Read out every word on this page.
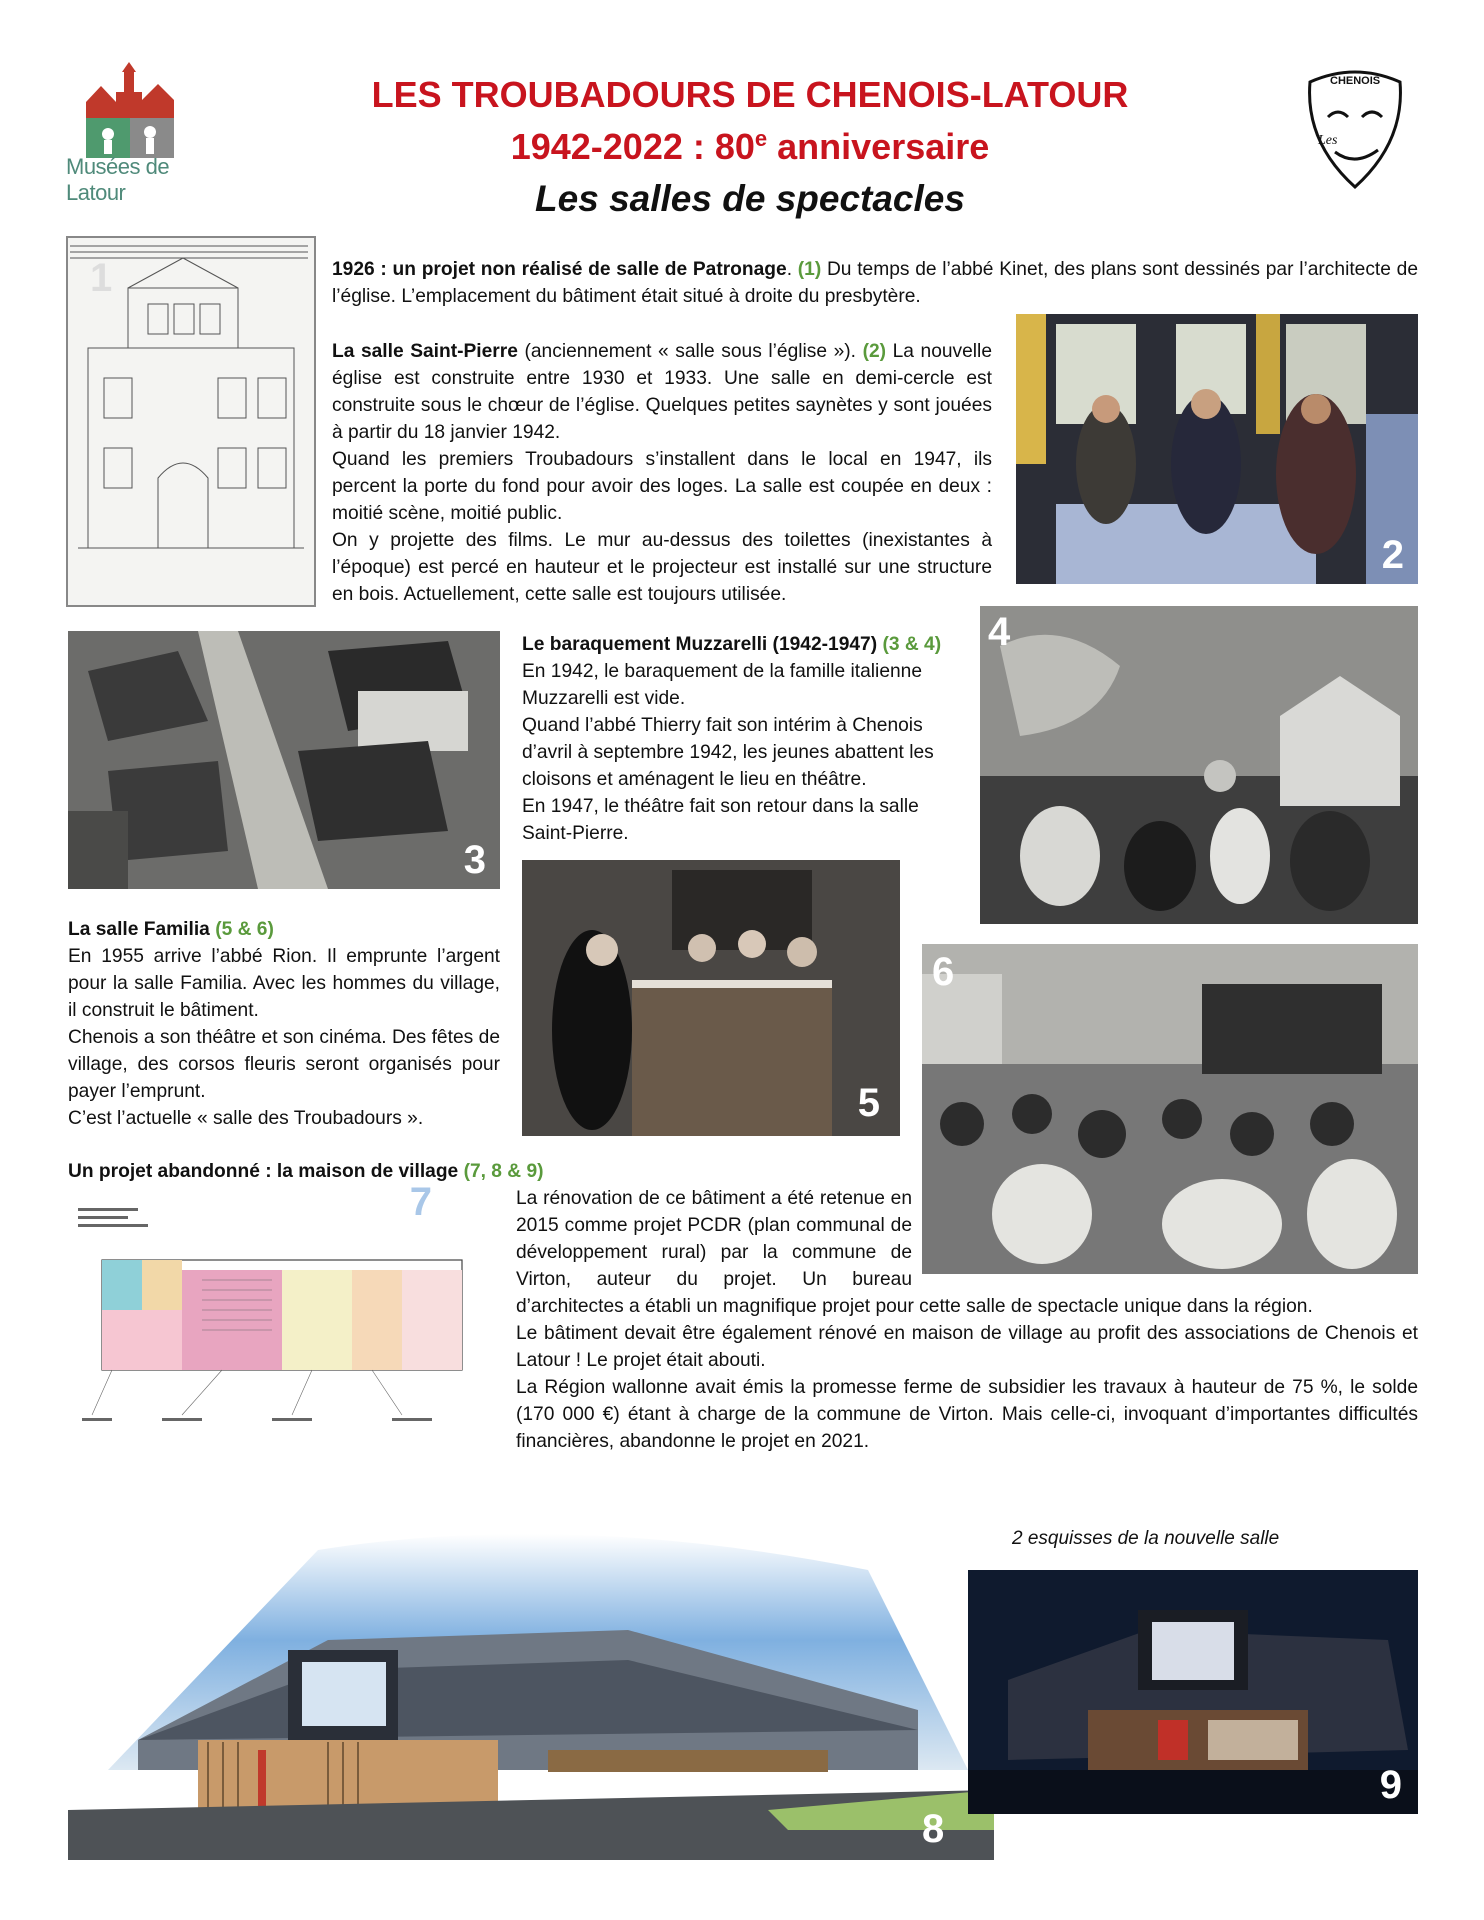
Musées de Latour
LES TROUBADOURS DE CHENOIS-LATOUR
1942-2022 : 80e anniversaire
Les salles de spectacles
CHENOIS
Les
1	1926 : un projet non réalisé de salle de Patronage. (1) Du temps de l’abbé Kinet, des plans sont dessinés par l’architecte de l’église. L’emplacement du bâtiment était situé à droite du presbytère.

La salle Saint-Pierre (anciennement « salle sous l’église »). (2) La nouvelle église est construite entre 1930 et 1933. Une salle en demi-cercle est construite sous le chœur de l’église. Quelques petites saynètes y sont jouées à partir du 18 janvier 1942.

Quand les premiers Troubadours s’installent dans le local en 1947, ils percent la porte du fond pour avoir des loges. La salle est coupée en deux : moitié scène, moitié public.

On y projette des films. Le mur au-dessus des toilettes (inexistantes à l’époque) est percé en hauteur et le projecteur est installé sur une structure en bois. Actuellement, cette salle est toujours utilisée.

2
3

Le baraquement Muzzarelli (1942-1947) (3 & 4)

En 1942, le baraquement de la famille italienne Muzzarelli est vide.

Quand l’abbé Thierry fait son intérim à Chenois d’avril à septembre 1942, les jeunes abattent les cloisons et aménagent le lieu en théâtre.

En 1947, le théâtre fait son retour dans la salle Saint-Pierre.

4

La salle Familia (5 & 6)

En 1955 arrive l’abbé Rion. Il emprunte l’argent pour la salle Familia. Avec les hommes du village, il construit le bâtiment.

Chenois a son théâtre et son cinéma. Des fêtes de village, des corsos fleuris seront organisés pour payer l’emprunt.

C’est l’actuelle « salle des Troubadours ».	5
6

Un projet abandonné : la maison de village (7, 8 & 9)

7	La rénovation de ce bâtiment a été retenue en 2015 comme projet PCDR (plan communal de développement rural) par la commune de Virton, auteur du projet. Un bureau d’architectes a établi un magnifique projet pour cette salle de spectacle unique dans la région.

Le bâtiment devait être également rénové en maison de village au profit des associations de Chenois et Latour ! Le projet était abouti.

La Région wallonne avait émis la promesse ferme de subsidier les travaux à hauteur de 75 %, le solde (170 000 €) étant à charge de la commune de Virton. Mais celle-ci, invoquant d’importantes difficultés financières, abandonne le projet en 2021.

2 esquisses de la nouvelle salle
8
9
